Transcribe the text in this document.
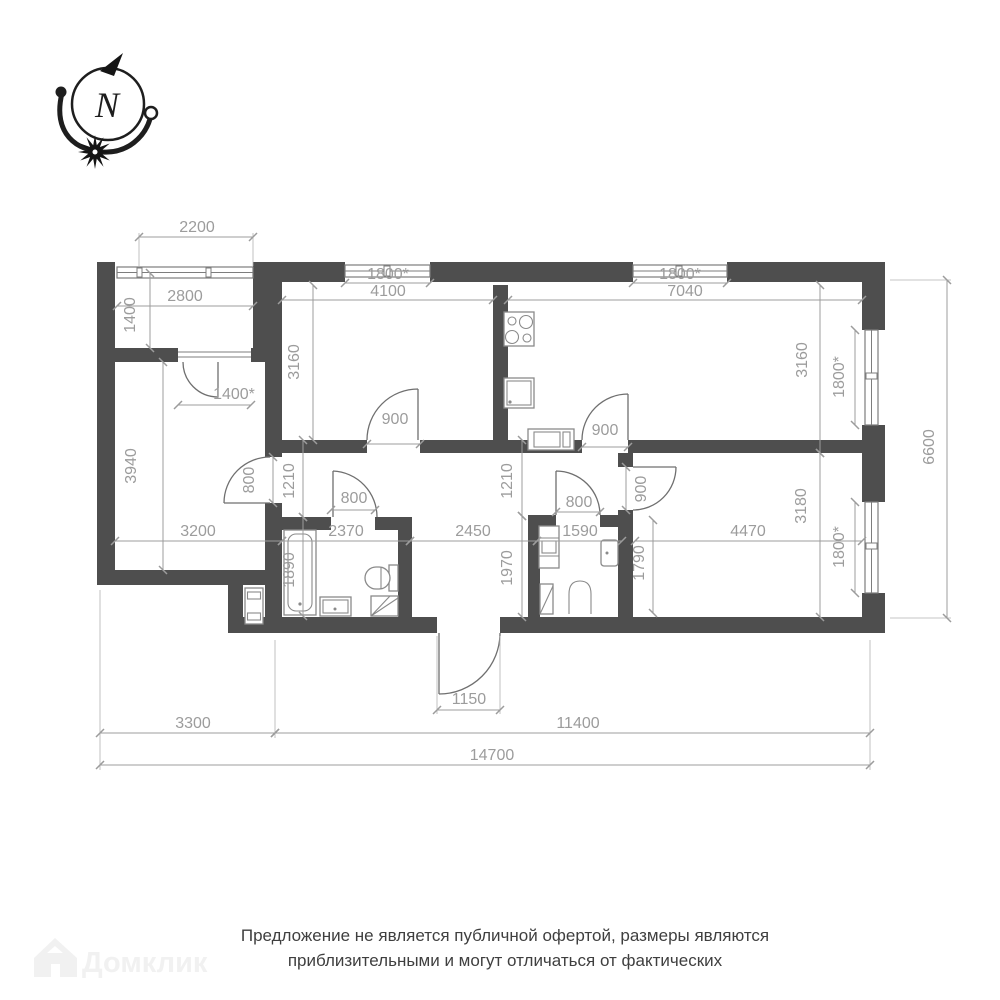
N
2200
2800
1400
1400*
1800*
4100
1800*
7040
3160	3160 1800*
3940
900
900
900
800 1210	1210
800	800
3200	2370	2450	1590	4470
3180
1800*
1890	1970	1790
1150
3300	11400
14700
6600
Домклик
Предложение не является публичной офертой, размеры являются
приблизительными и могут отличаться от фактических
